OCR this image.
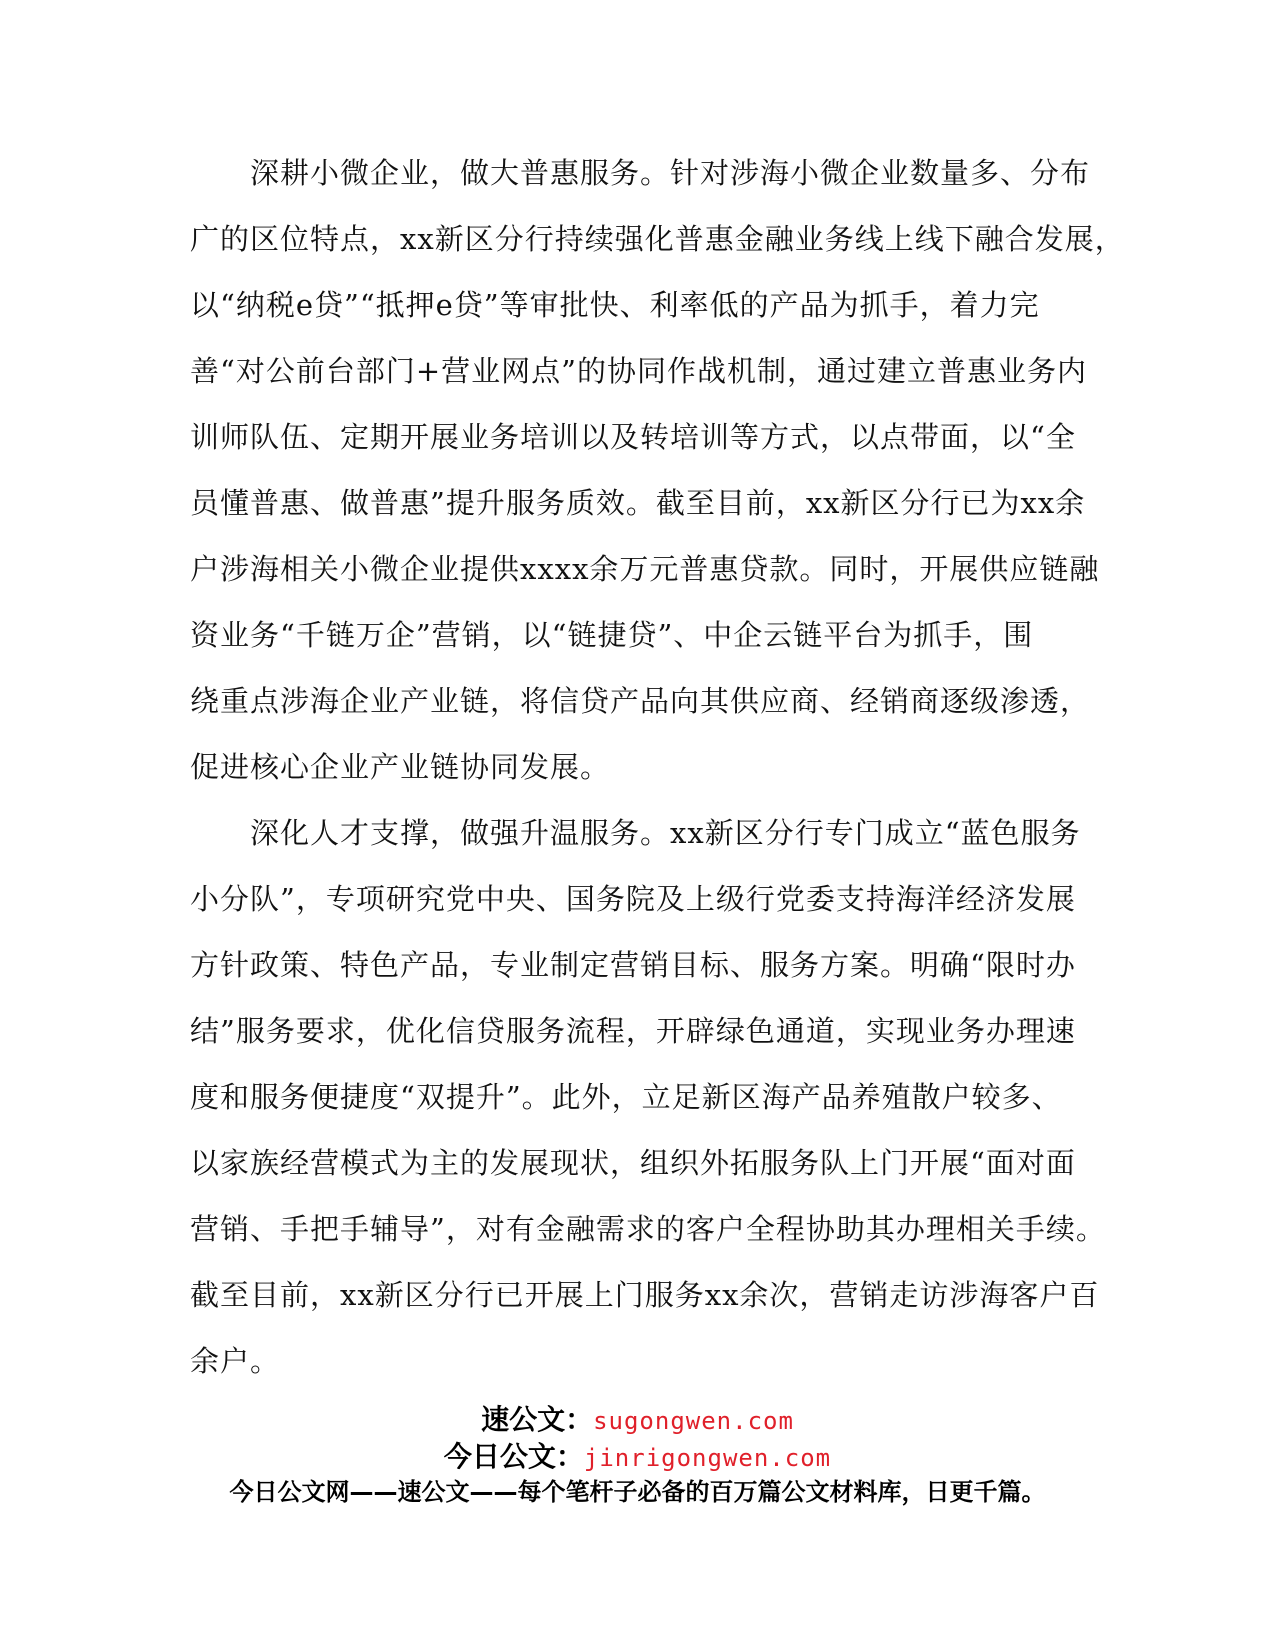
　　深耕小微企业，做大普惠服务。针对涉海小微企业数量多、分布
广的区位特点，xx新区分行持续强化普惠金融业务线上线下融合发展，
以“纳税e贷”“抵押e贷”等审批快、利率低的产品为抓手，着力完
善“对公前台部门+营业网点”的协同作战机制，通过建立普惠业务内
训师队伍、定期开展业务培训以及转培训等方式，以点带面，以“全
员懂普惠、做普惠”提升服务质效。截至目前，xx新区分行已为xx余
户涉海相关小微企业提供xxxx余万元普惠贷款。同时，开展供应链融
资业务“千链万企”营销，以“链捷贷”、中企云链平台为抓手，围
绕重点涉海企业产业链，将信贷产品向其供应商、经销商逐级渗透，
促进核心企业产业链协同发展。
　　深化人才支撑，做强升温服务。xx新区分行专门成立“蓝色服务
小分队”，专项研究党中央、国务院及上级行党委支持海洋经济发展
方针政策、特色产品，专业制定营销目标、服务方案。明确“限时办
结”服务要求，优化信贷服务流程，开辟绿色通道，实现业务办理速
度和服务便捷度“双提升”。此外，立足新区海产品养殖散户较多、
以家族经营模式为主的发展现状，组织外拓服务队上门开展“面对面
营销、手把手辅导”，对有金融需求的客户全程协助其办理相关手续。
截至目前，xx新区分行已开展上门服务xx余次，营销走访涉海客户百
余户。
速公文：sugongwen.com
今日公文：jinrigongwen.com
今日公文网——速公文——每个笔杆子必备的百万篇公文材料库，日更千篇。
